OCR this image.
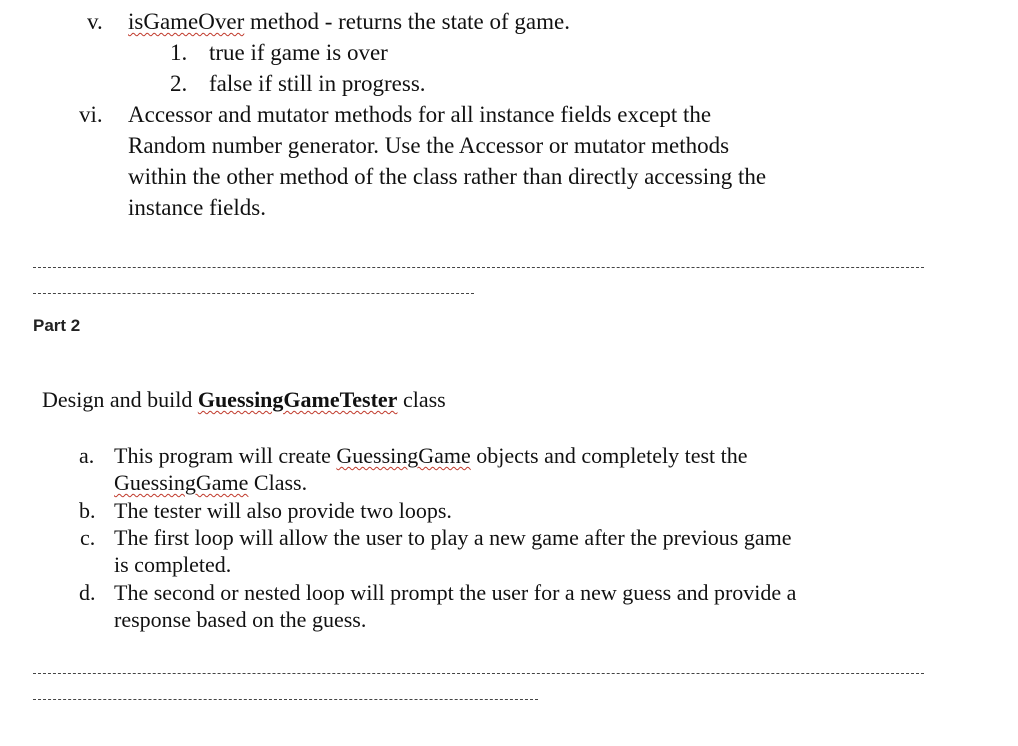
v. isGameOver method - returns the state of game.
1. true if game is over
2. false if still in progress.
vi. Accessor and mutator methods for all instance fields except the
Random number generator. Use the Accessor or mutator methods
within the other method of the class rather than directly accessing the
instance fields.
Part 2
Design and build GuessingGameTester class
a. This program will create GuessingGame objects and completely test the
GuessingGame Class.
b. The tester will also provide two loops.
c. The first loop will allow the user to play a new game after the previous game
is completed.
d. The second or nested loop will prompt the user for a new guess and provide a
response based on the guess.
